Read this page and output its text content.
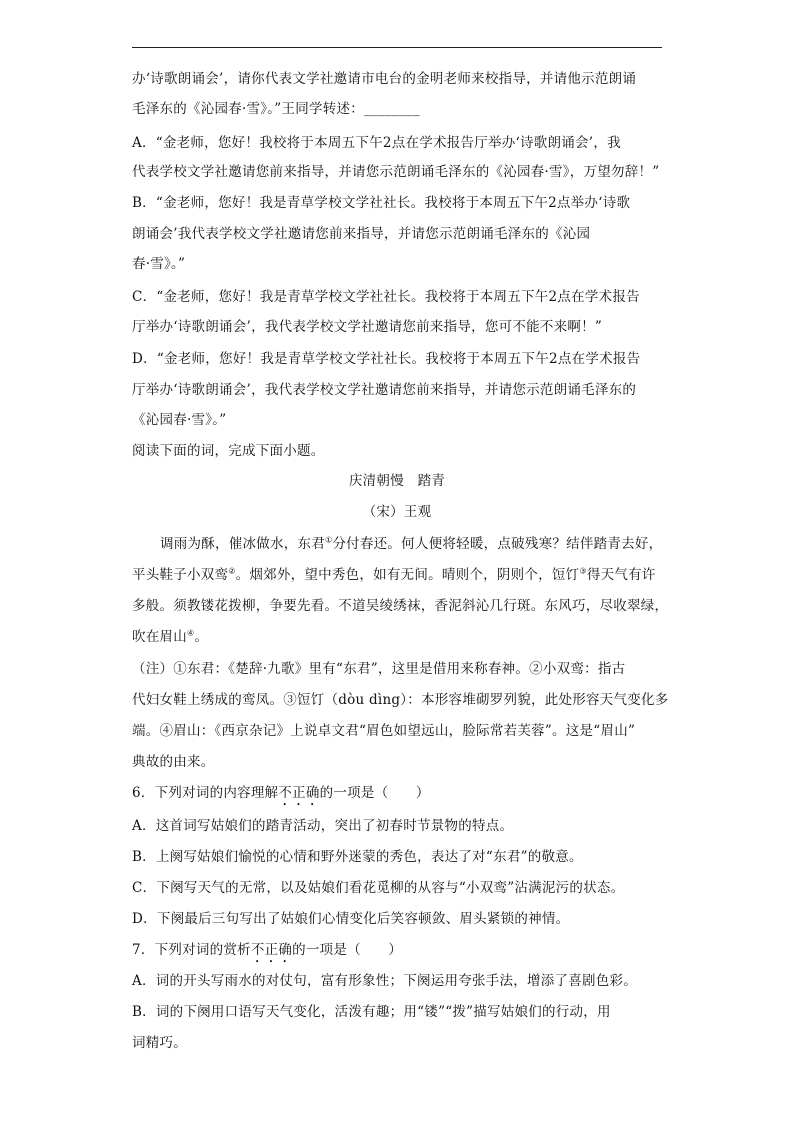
办‘诗歌朗诵会’，请你代表文学社邀请市电台的金明老师来校指导，并请他示范朗诵
毛泽东的《沁园春·雪》。”王同学转述：________
A．“金老师，您好！我校将于本周五下午2点在学术报告厅举办‘诗歌朗诵会’，我
代表学校文学社邀请您前来指导，并请您示范朗诵毛泽东的《沁园春·雪》，万望勿辞！”
B．“金老师，您好！我是青草学校文学社社长。我校将于本周五下午2点举办‘诗歌
朗诵会’我代表学校文学社邀请您前来指导，并请您示范朗诵毛泽东的《沁园
春·雪》。”
C．“金老师，您好！我是青草学校文学社社长。我校将于本周五下午2点在学术报告
厅举办‘诗歌朗诵会’，我代表学校文学社邀请您前来指导，您可不能不来啊！”
D．“金老师，您好！我是青草学校文学社社长。我校将于本周五下午2点在学术报告
厅举办‘诗歌朗诵会’，我代表学校文学社邀请您前来指导，并请您示范朗诵毛泽东的
《沁园春·雪》。”
阅读下面的词，完成下面小题。
庆清朝慢　踏青
（宋）王观
调雨为酥，催冰做水，东君①分付春还。何人便将轻暖，点破残寒？结伴踏青去好，
平头鞋子小双鸾②。烟郊外，望中秀色，如有无间。晴则个，阴则个，饾饤③得天气有许
多般。须教镂花拨柳，争要先看。不道吴绫绣袜，香泥斜沁几行斑。东风巧，尽收翠绿，
吹在眉山④。
（注）①东君：《楚辞·九歌》里有“东君”，这里是借用来称春神。②小双鸾：指古
代妇女鞋上绣成的鸾凤。③饾饤（dòu dìng）：本形容堆砌罗列貌，此处形容天气变化多
端。④眉山：《西京杂记》上说卓文君“眉色如望远山，脸际常若芙蓉”。这是“眉山”
典故的由来。
6．下列对词的内容理解不正确的一项是（　　）
A．这首词写姑娘们的踏青活动，突出了初春时节景物的特点。
B．上阕写姑娘们愉悦的心情和野外迷蒙的秀色，表达了对“东君”的敬意。
C．下阕写天气的无常，以及姑娘们看花觅柳的从容与“小双鸾”沾满泥污的状态。
D．下阕最后三句写出了姑娘们心情变化后笑容顿敛、眉头紧锁的神情。
7．下列对词的赏析不正确的一项是（　　）
A．词的开头写雨水的对仗句，富有形象性；下阕运用夸张手法，增添了喜剧色彩。
B．词的下阕用口语写天气变化，活泼有趣；用“镂”“拨”描写姑娘们的行动，用
词精巧。
